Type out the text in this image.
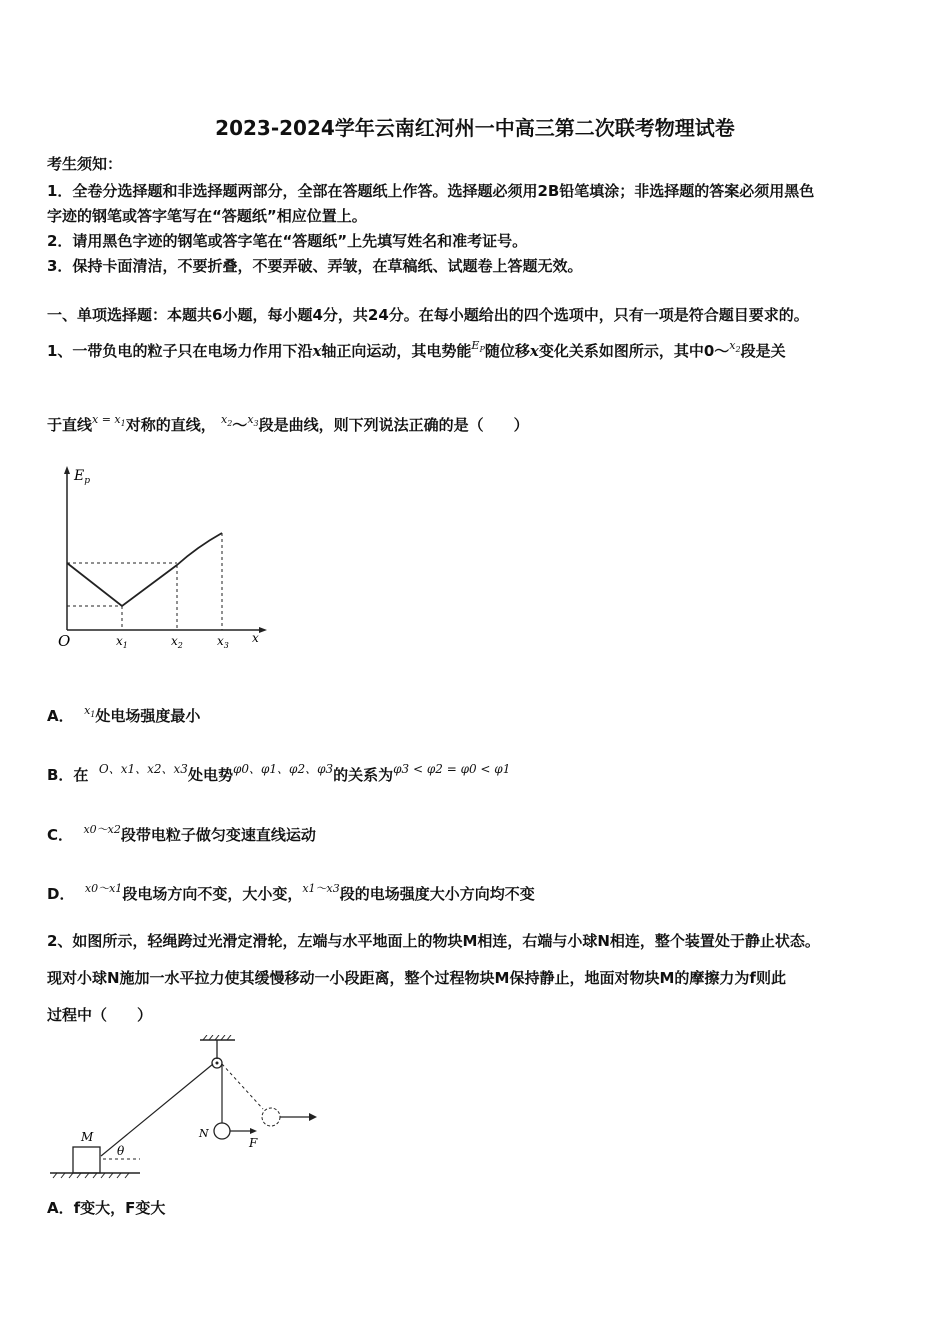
2023-2024学年云南红河州一中高三第二次联考物理试卷
考生须知：
1．全卷分选择题和非选择题两部分，全部在答题纸上作答。选择题必须用2B铅笔填涂；非选择题的答案必须用黑色
字迹的钢笔或答字笔写在“答题纸”相应位置上。
2．请用黑色字迹的钢笔或答字笔在“答题纸”上先填写姓名和准考证号。
3．保持卡面清洁，不要折叠，不要弄破、弄皱，在草稿纸、试题卷上答题无效。
一、单项选择题：本题共6小题，每小题4分，共24分。在每小题给出的四个选项中，只有一项是符合题目要求的。
1、一带负电的粒子只在电场力作用下沿x轴正向运动，其电势能$^{E_P}$随位移x变化关系如图所示，其中0～$^{x_2}$段是关
于直线$^{x = x_1}$对称的直线， $^{x_2}$～$^{x_3}$段是曲线，则下列说法正确的是（　　）
$E_p$
O	$x_1$	$x_2$	$x_3$
x
A． $^{x_1}$处电场强度最小
B．在 $^{O、x1、x2、x3}$处电势$^{\varphi 0、\varphi 1、\varphi 2、\varphi 3}$的关系为$^{\varphi 3 < \varphi 2 = \varphi 0 < \varphi 1}$
C． $^{x0\sim x2}$段带电粒子做匀变速直线运动
D． $^{x0\sim x1}$段电场方向不变，大小变，$^{x1\sim x3}$段的电场强度大小方向均不变
2、如图所示，轻绳跨过光滑定滑轮，左端与水平地面上的物块M相连，右端与小球N相连，整个装置处于静止状态。
现对小球N施加一水平拉力使其缓慢移动一小段距离，整个过程物块M保持静止，地面对物块M的摩擦力为f则此
过程中（　　）
M	N
θ
F
A．f变大，F变大
